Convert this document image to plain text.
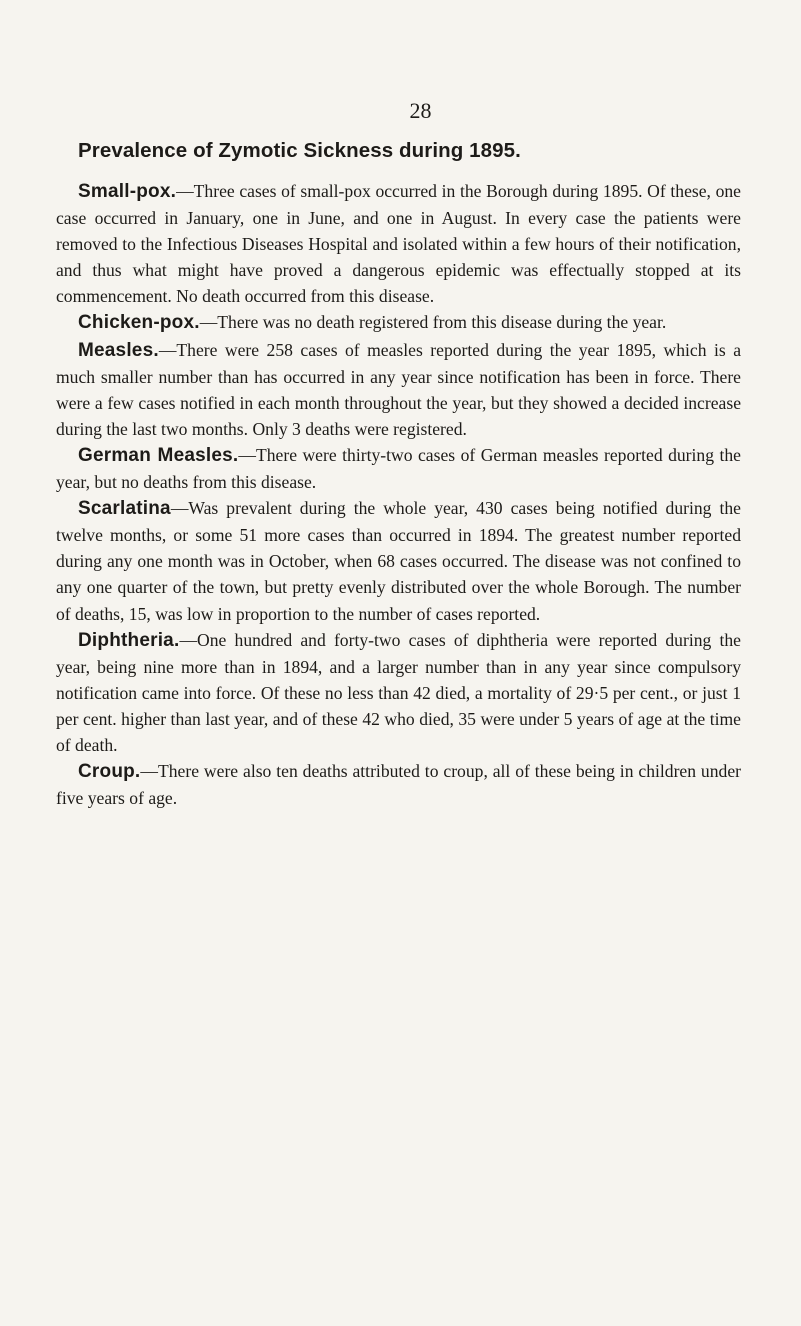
28
Prevalence of Zymotic Sickness during 1895.

Small-pox.—Three cases of small-pox occurred in the Borough during 1895. Of these, one case occurred in January, one in June, and one in August. In every case the patients were removed to the Infectious Diseases Hospital and isolated within a few hours of their notification, and thus what might have proved a dangerous epidemic was effectually stopped at its commencement. No death occurred from this disease.

Chicken-pox.—There was no death registered from this disease during the year.

Measles.—There were 258 cases of measles reported during the year 1895, which is a much smaller number than has occurred in any year since notification has been in force. There were a few cases notified in each month throughout the year, but they showed a decided increase during the last two months. Only 3 deaths were registered.

German Measles.—There were thirty-two cases of German measles reported during the year, but no deaths from this disease.

Scarlatina—Was prevalent during the whole year, 430 cases being notified during the twelve months, or some 51 more cases than occurred in 1894. The greatest number reported during any one month was in October, when 68 cases occurred. The disease was not confined to any one quarter of the town, but pretty evenly distributed over the whole Borough. The number of deaths, 15, was low in proportion to the number of cases reported.

Diphtheria.—One hundred and forty-two cases of diphtheria were reported during the year, being nine more than in 1894, and a larger number than in any year since compulsory notification came into force. Of these no less than 42 died, a mortality of 29·5 per cent., or just 1 per cent. higher than last year, and of these 42 who died, 35 were under 5 years of age at the time of death.

Croup.—There were also ten deaths attributed to croup, all of these being in children under five years of age.
